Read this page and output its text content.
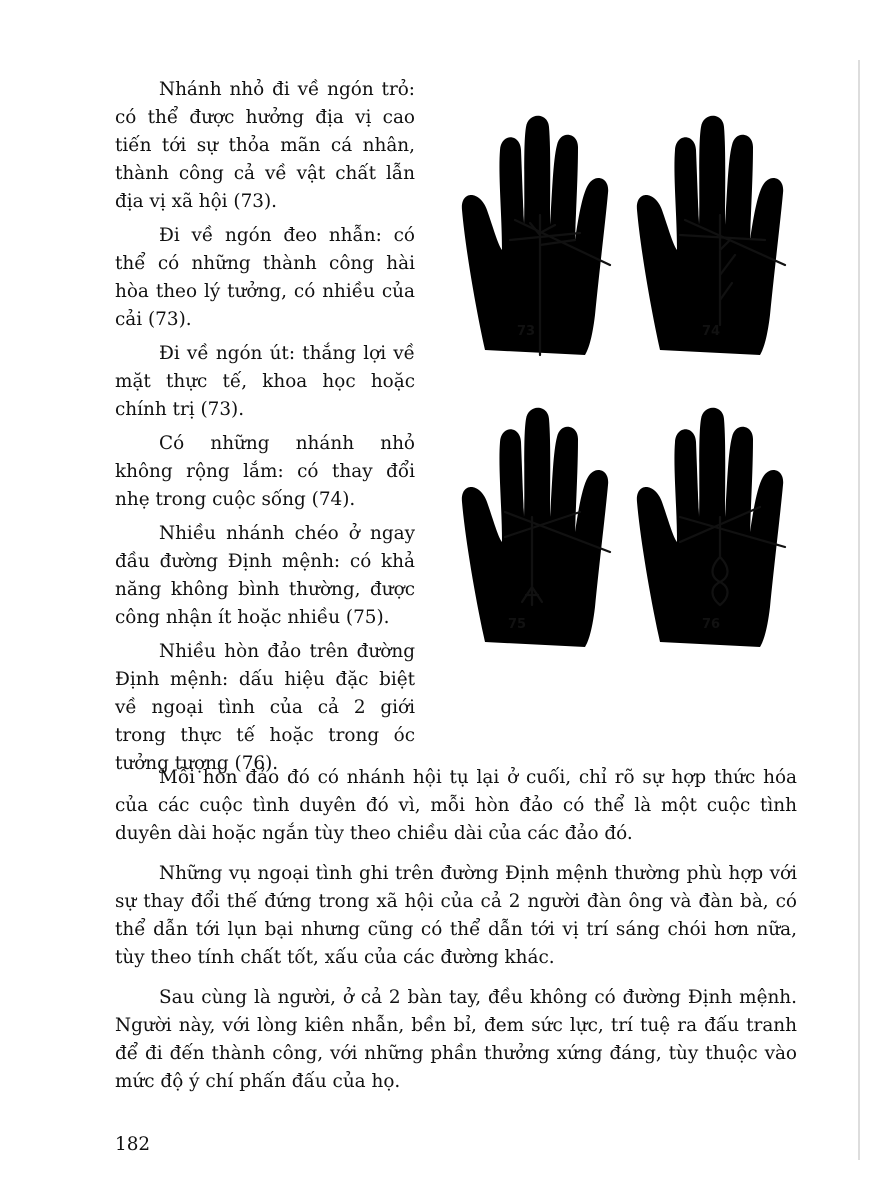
Nhánh nhỏ đi về ngón trỏ: có thể được hưởng địa vị cao tiến tới sự thỏa mãn cá nhân, thành công cả về vật chất lẫn địa vị xã hội (73).

Đi về ngón đeo nhẫn: có thể có những thành công hài hòa theo lý tưởng, có nhiều của cải (73).

Đi về ngón út: thắng lợi về mặt thực tế, khoa học hoặc chính trị (73).

Có những nhánh nhỏ không rộng lắm: có thay đổi nhẹ trong cuộc sống (74).

Nhiều nhánh chéo ở ngay đầu đường Định mệnh: có khả năng không bình thường, được công nhận ít hoặc nhiều (75).

Nhiều hòn đảo trên đường Định mệnh: dấu hiệu đặc biệt về ngoại tình của cả 2 giới trong thực tế hoặc trong óc tưởng tượng (76).

73	74
75	76

Mỗi hòn đảo đó có nhánh hội tụ lại ở cuối, chỉ rõ sự hợp thức hóa của các cuộc tình duyên đó vì, mỗi hòn đảo có thể là một cuộc tình duyên dài hoặc ngắn tùy theo chiều dài của các đảo đó.

Những vụ ngoại tình ghi trên đường Định mệnh thường phù hợp với sự thay đổi thế đứng trong xã hội của cả 2 người đàn ông và đàn bà, có thể dẫn tới lụn bại nhưng cũng có thể dẫn tới vị trí sáng chói hơn nữa, tùy theo tính chất tốt, xấu của các đường khác.

Sau cùng là người, ở cả 2 bàn tay, đều không có đường Định mệnh. Người này, với lòng kiên nhẫn, bền bỉ, đem sức lực, trí tuệ ra đấu tranh để đi đến thành công, với những phần thưởng xứng đáng, tùy thuộc vào mức độ ý chí phấn đấu của họ.

182
